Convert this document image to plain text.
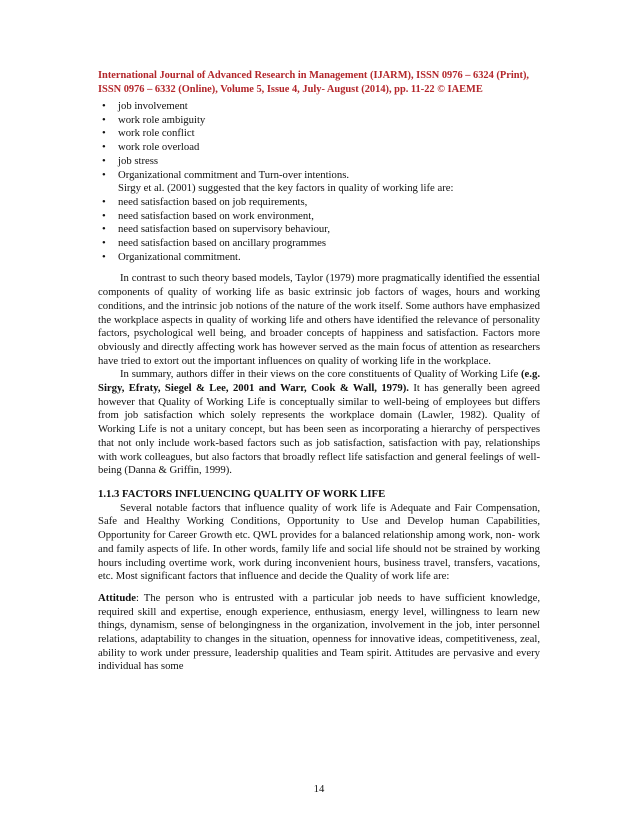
International Journal of Advanced Research in Management (IJARM), ISSN 0976 – 6324 (Print),
ISSN 0976 – 6332 (Online), Volume 5, Issue 4, July- August (2014), pp. 11-22 © IAEME
• job involvement
• work role ambiguity
• work role conflict
• work role overload
• job stress
• Organizational commitment and Turn-over intentions.
Sirgy et al. (2001) suggested that the key factors in quality of working life are:
• need satisfaction based on job requirements,
• need satisfaction based on work environment,
• need satisfaction based on supervisory behaviour,
• need satisfaction based on ancillary programmes
• Organizational commitment.

In contrast to such theory based models, Taylor (1979) more pragmatically identified the essential components of quality of working life as basic extrinsic job factors of wages, hours and working conditions, and the intrinsic job notions of the nature of the work itself. Some authors have emphasized the workplace aspects in quality of working life and others have identified the relevance of personality factors, psychological well being, and broader concepts of happiness and satisfaction. Factors more obviously and directly affecting work has however served as the main focus of attention as researchers have tried to extort out the important influences on quality of working life in the workplace.

In summary, authors differ in their views on the core constituents of Quality of Working Life (e.g. Sirgy, Efraty, Siegel & Lee, 2001 and Warr, Cook & Wall, 1979). It has generally been agreed however that Quality of Working Life is conceptually similar to well-being of employees but differs from job satisfaction which solely represents the workplace domain (Lawler, 1982). Quality of Working Life is not a unitary concept, but has been seen as incorporating a hierarchy of perspectives that not only include work-based factors such as job satisfaction, satisfaction with pay, relationships with work colleagues, but also factors that broadly reflect life satisfaction and general feelings of well-being (Danna & Griffin, 1999).

1.1.3 FACTORS INFLUENCING QUALITY OF WORK LIFE

Several notable factors that influence quality of work life is Adequate and Fair Compensation, Safe and Healthy Working Conditions, Opportunity to Use and Develop human Capabilities, Opportunity for Career Growth etc. QWL provides for a balanced relationship among work, non- work and family aspects of life. In other words, family life and social life should not be strained by working hours including overtime work, work during inconvenient hours, business travel, transfers, vacations, etc. Most significant factors that influence and decide the Quality of work life are:

Attitude: The person who is entrusted with a particular job needs to have sufficient knowledge, required skill and expertise, enough experience, enthusiasm, energy level, willingness to learn new things, dynamism, sense of belongingness in the organization, involvement in the job, inter personnel relations, adaptability to changes in the situation, openness for innovative ideas, competitiveness, zeal, ability to work under pressure, leadership qualities and Team spirit. Attitudes are pervasive and every individual has some

14
